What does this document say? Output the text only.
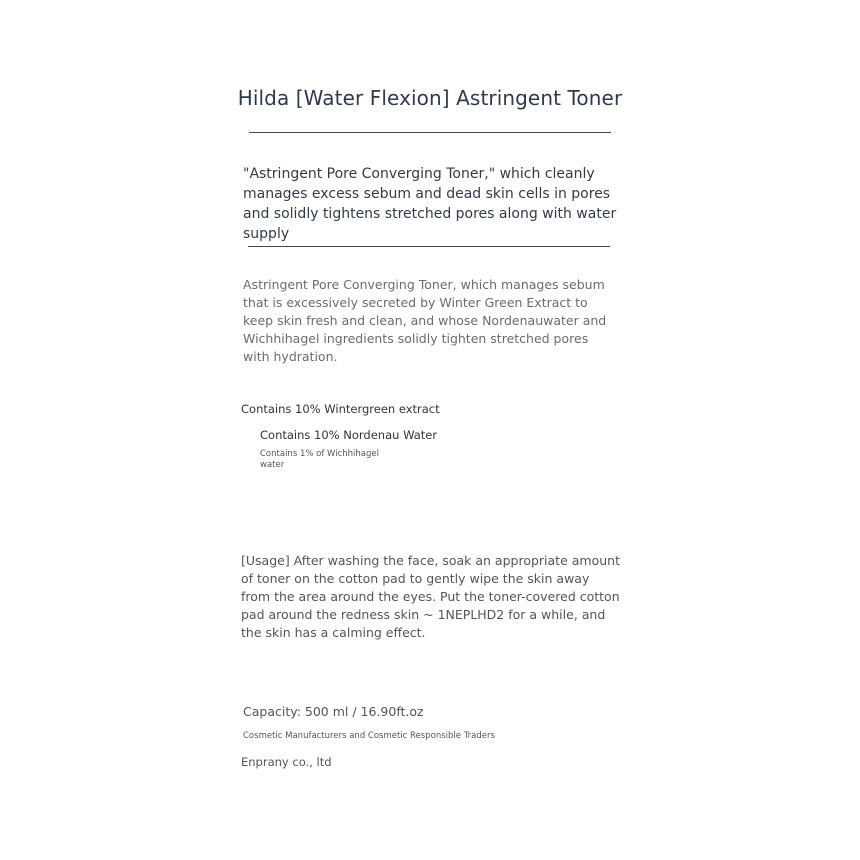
Hilda [Water Flexion] Astringent Toner
"Astringent Pore Converging Toner," which cleanly manages excess sebum and dead skin cells in pores and solidly tightens stretched pores along with water supply
Astringent Pore Converging Toner, which manages sebum that is excessively secreted by Winter Green Extract to keep skin fresh and clean, and whose Nordenauwater and Wichhihagel ingredients solidly tighten stretched pores with hydration.
Contains 10% Wintergreen extract
Contains 10% Nordenau Water
Contains 1% of Wichhihagel water
[Usage] After washing the face, soak an appropriate amount of toner on the cotton pad to gently wipe the skin away from the area around the eyes. Put the toner-covered cotton pad around the redness skin ~ 1NEPLHD2 for a while, and the skin has a calming effect.
Capacity: 500 ml / 16.90ft.oz
Cosmetic Manufacturers and Cosmetic Responsible Traders
Enprany co., ltd
